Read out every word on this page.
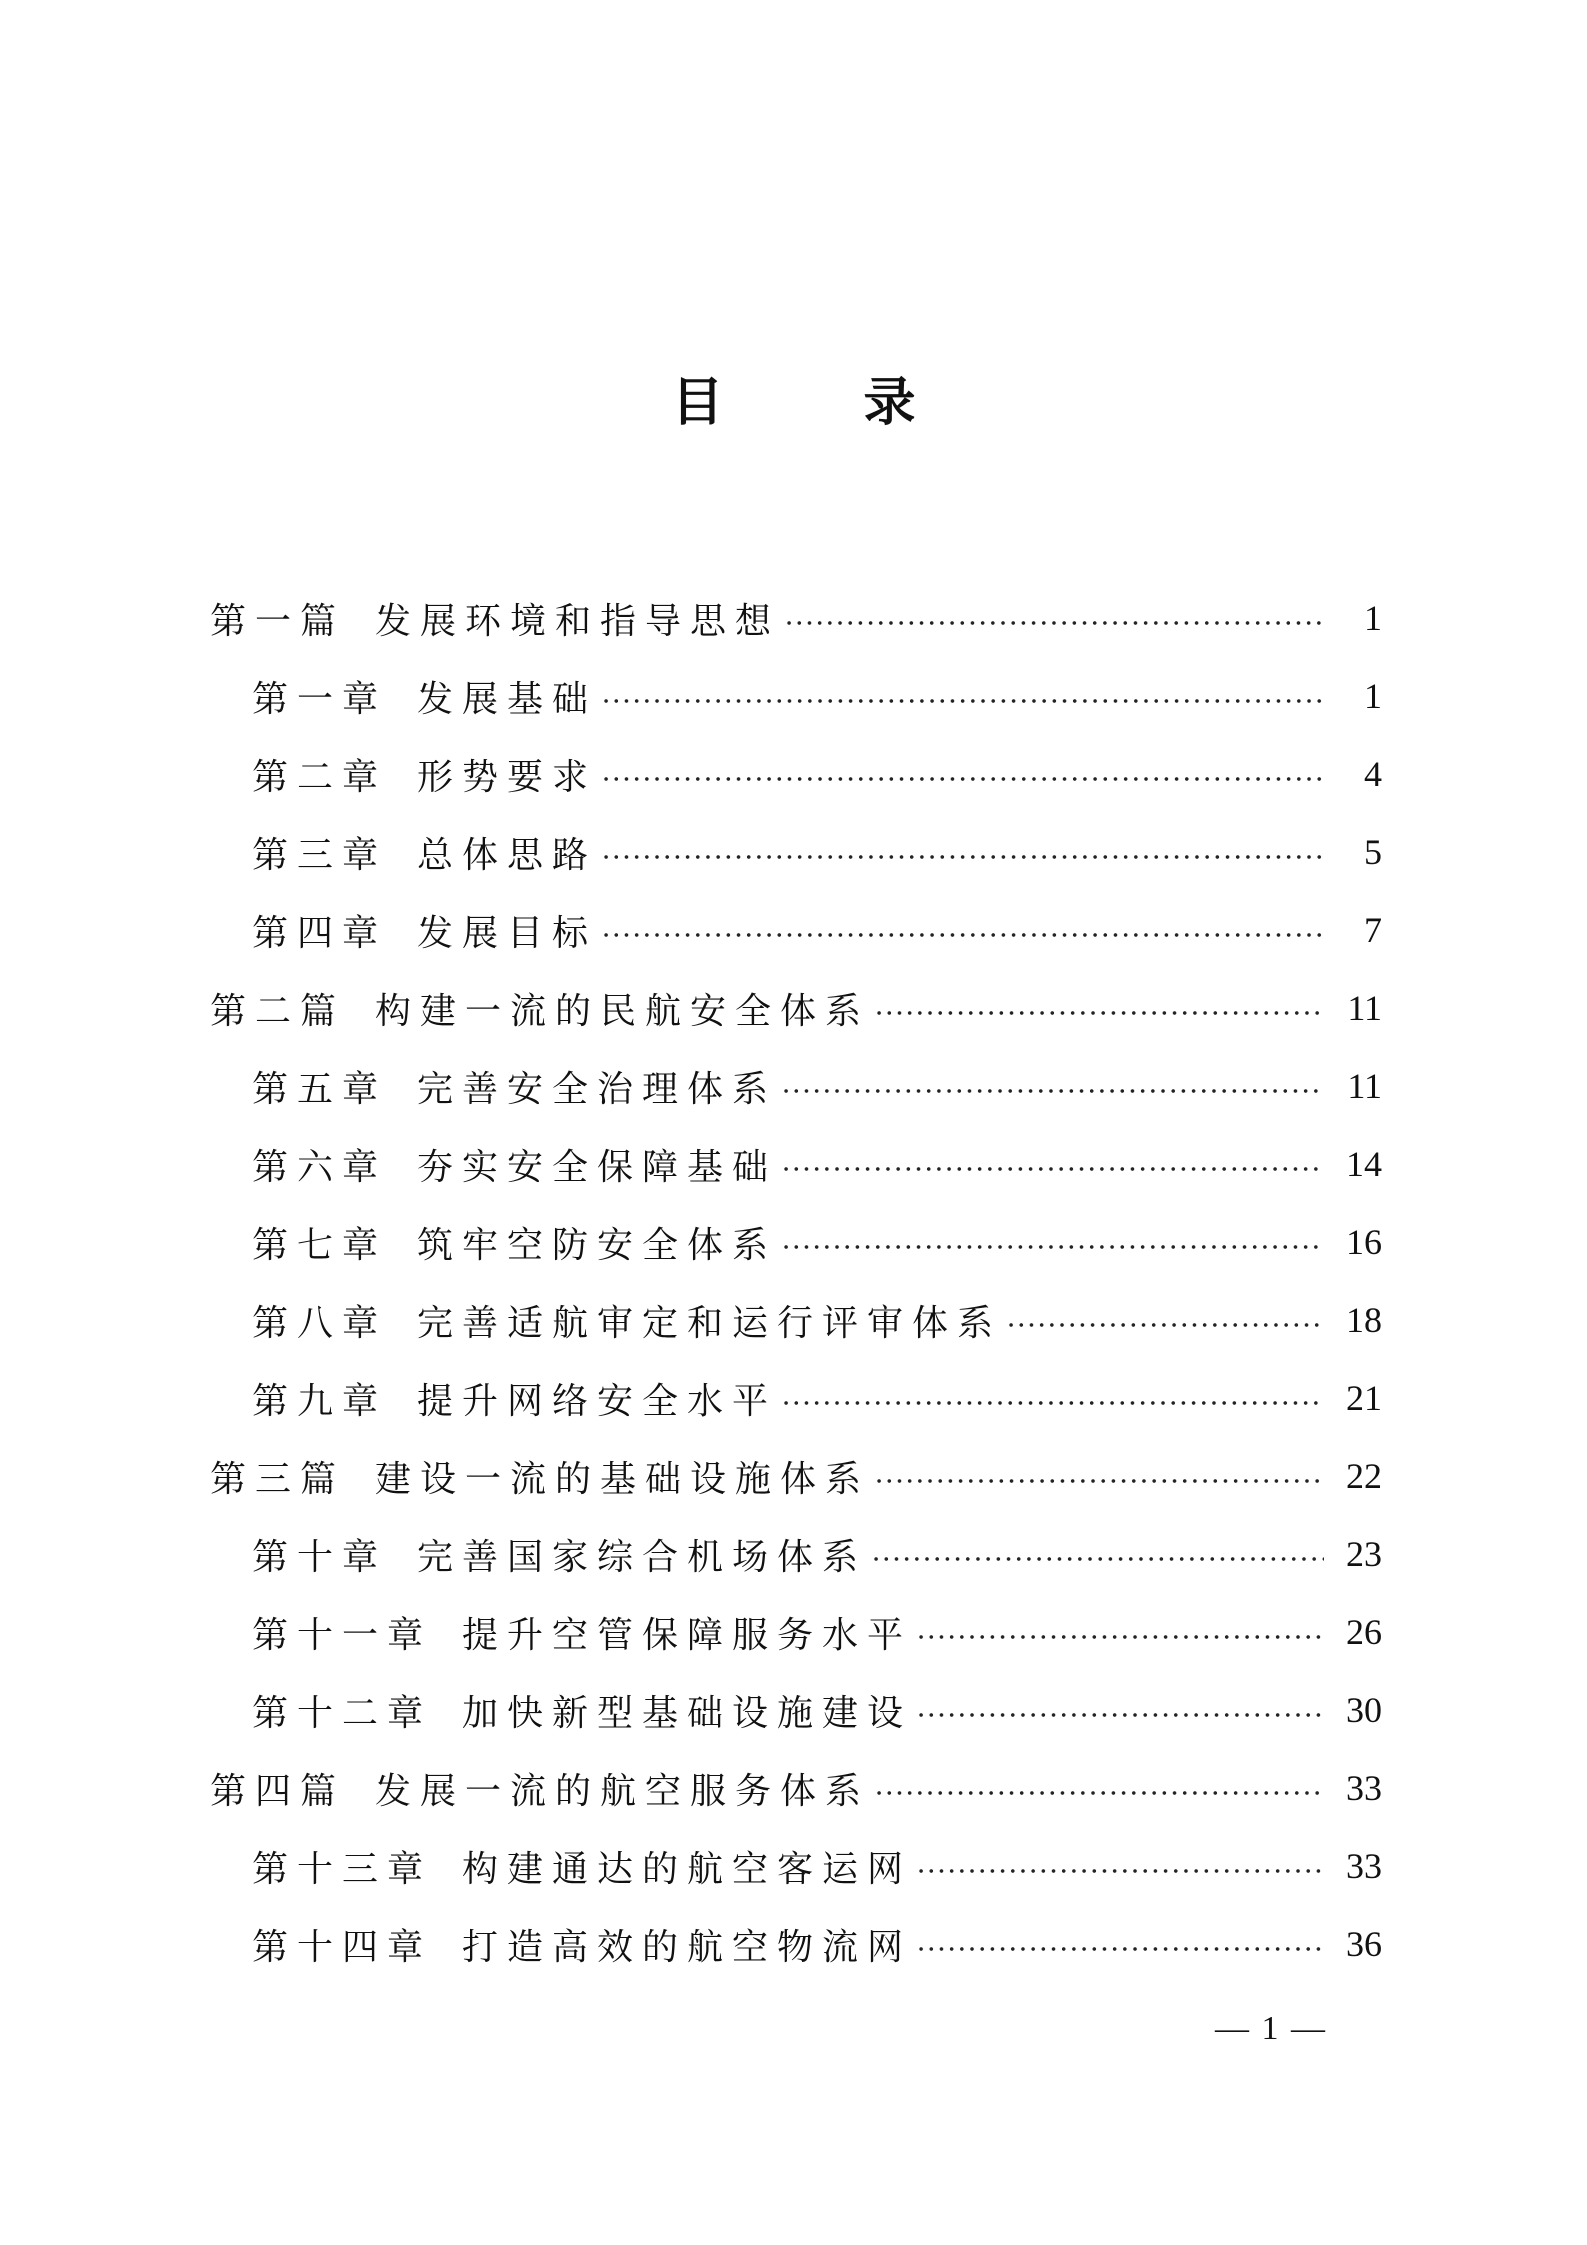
目	录
第一篇 发展环境和指导思想	1
第一章 发展基础	1
第二章 形势要求	4
第三章 总体思路	5
第四章 发展目标	7
第二篇 构建一流的民航安全体系	11
第五章 完善安全治理体系	11
第六章 夯实安全保障基础	14
第七章 筑牢空防安全体系	16
第八章 完善适航审定和运行评审体系	18
第九章 提升网络安全水平	21
第三篇 建设一流的基础设施体系	22
第十章 完善国家综合机场体系	23
第十一章 提升空管保障服务水平	26
第十二章 加快新型基础设施建设	30
第四篇 发展一流的航空服务体系	33
第十三章 构建通达的航空客运网	33
第十四章 打造高效的航空物流网	36
— 1 —
